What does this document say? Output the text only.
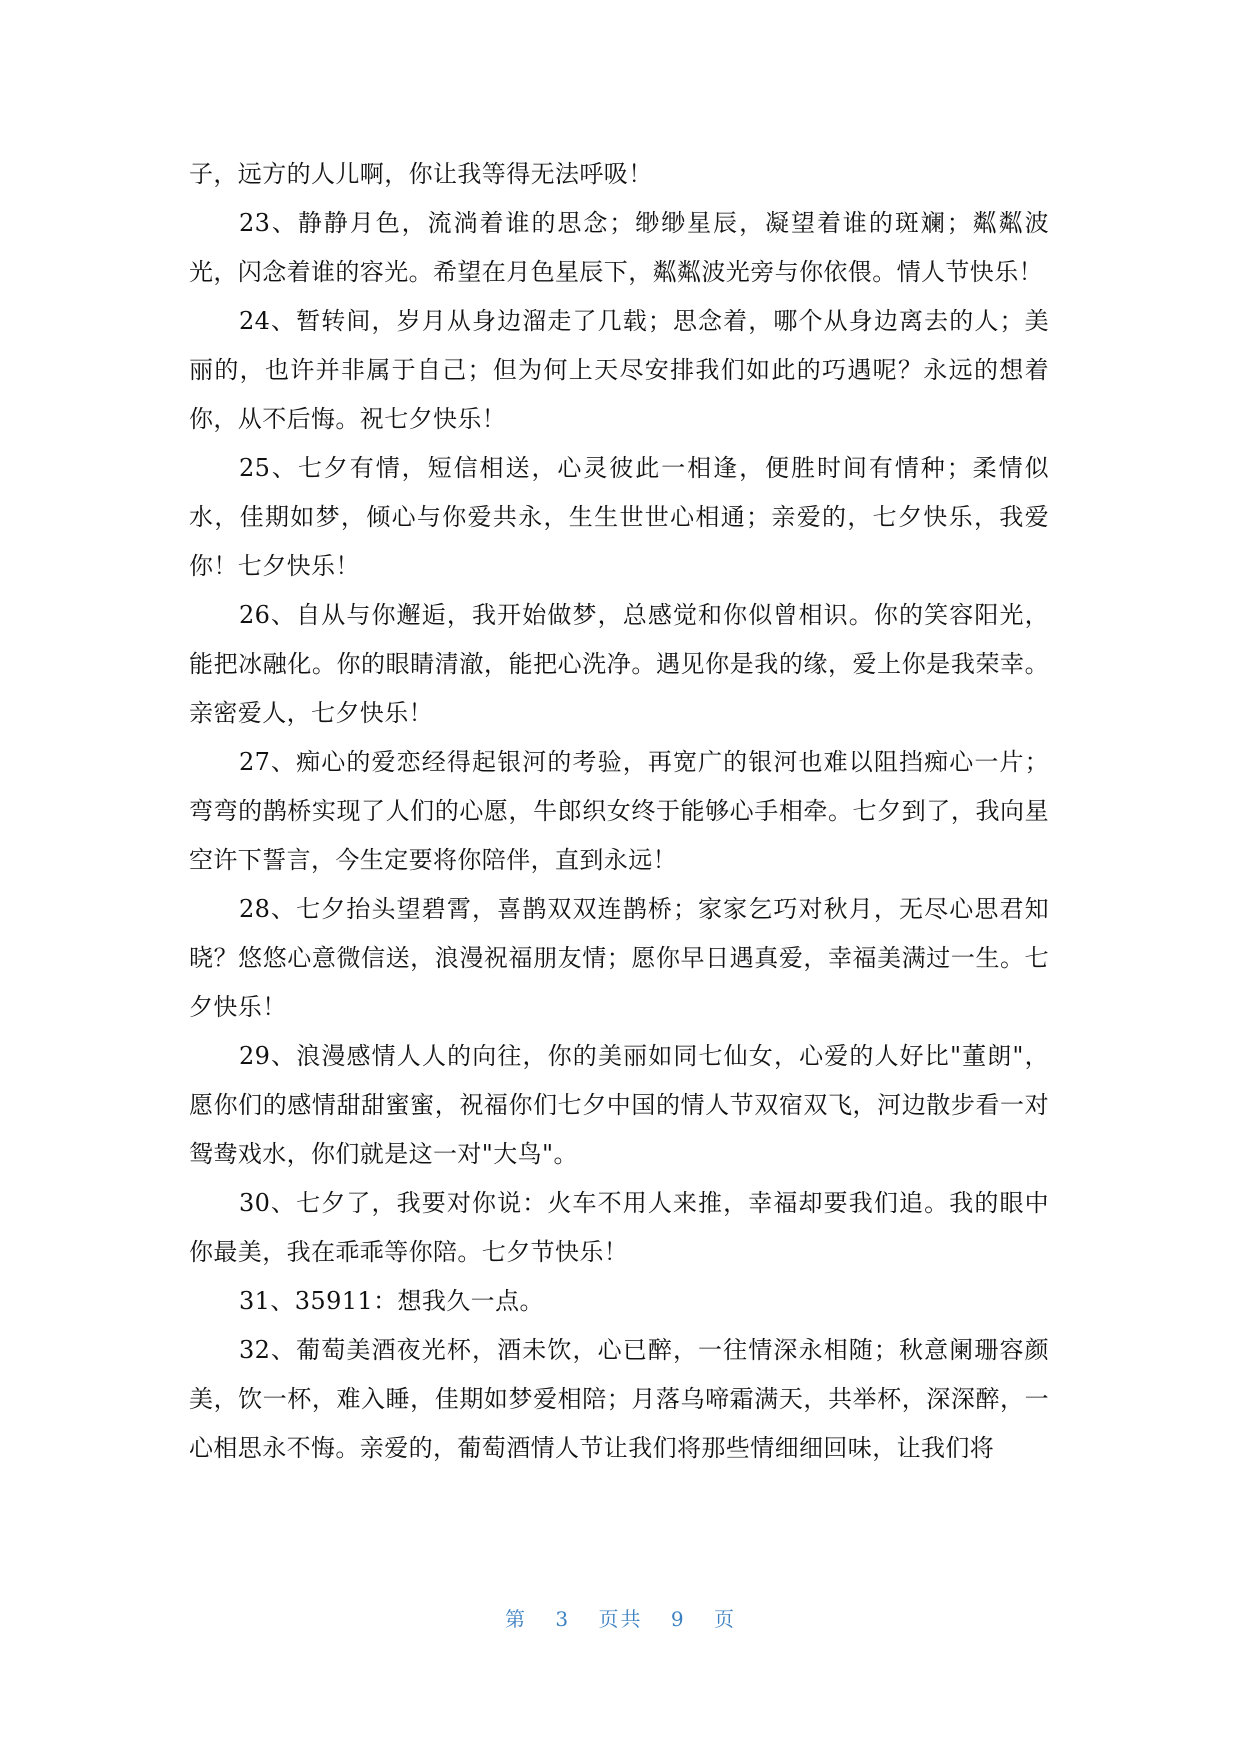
子，远方的人儿啊，你让我等得无法呼吸！

23、静静月色，流淌着谁的思念；缈缈星辰，凝望着谁的斑斓；粼粼波光，闪念着谁的容光。希望在月色星辰下，粼粼波光旁与你依偎。情人节快乐！

24、暂转间，岁月从身边溜走了几载；思念着，哪个从身边离去的人；美丽的，也许并非属于自己；但为何上天尽安排我们如此的巧遇呢？永远的想着你，从不后悔。祝七夕快乐！

25、七夕有情，短信相送，心灵彼此一相逢，便胜时间有情种；柔情似水，佳期如梦，倾心与你爱共永，生生世世心相通；亲爱的，七夕快乐，我爱你！七夕快乐！

26、自从与你邂逅，我开始做梦，总感觉和你似曾相识。你的笑容阳光，能把冰融化。你的眼睛清澈，能把心洗净。遇见你是我的缘，爱上你是我荣幸。亲密爱人，七夕快乐！

27、痴心的爱恋经得起银河的考验，再宽广的银河也难以阻挡痴心一片；弯弯的鹊桥实现了人们的心愿，牛郎织女终于能够心手相牵。七夕到了，我向星空许下誓言，今生定要将你陪伴，直到永远！

28、七夕抬头望碧霄，喜鹊双双连鹊桥；家家乞巧对秋月，无尽心思君知晓？悠悠心意微信送，浪漫祝福朋友情；愿你早日遇真爱，幸福美满过一生。七夕快乐！

29、浪漫感情人人的向往，你的美丽如同七仙女，心爱的人好比"董朗"，愿你们的感情甜甜蜜蜜，祝福你们七夕中国的情人节双宿双飞，河边散步看一对鸳鸯戏水，你们就是这一对"大鸟"。

30、七夕了，我要对你说：火车不用人来推，幸福却要我们追。我的眼中你最美，我在乖乖等你陪。七夕节快乐！

31、35911：想我久一点。

32、葡萄美酒夜光杯，酒未饮，心已醉，一往情深永相随；秋意阑珊容颜美，饮一杯，难入睡，佳期如梦爱相陪；月落乌啼霜满天，共举杯，深深醉，一心相思永不悔。亲爱的，葡萄酒情人节让我们将那些情细细回味，让我们将

第 3 页共 9 页
